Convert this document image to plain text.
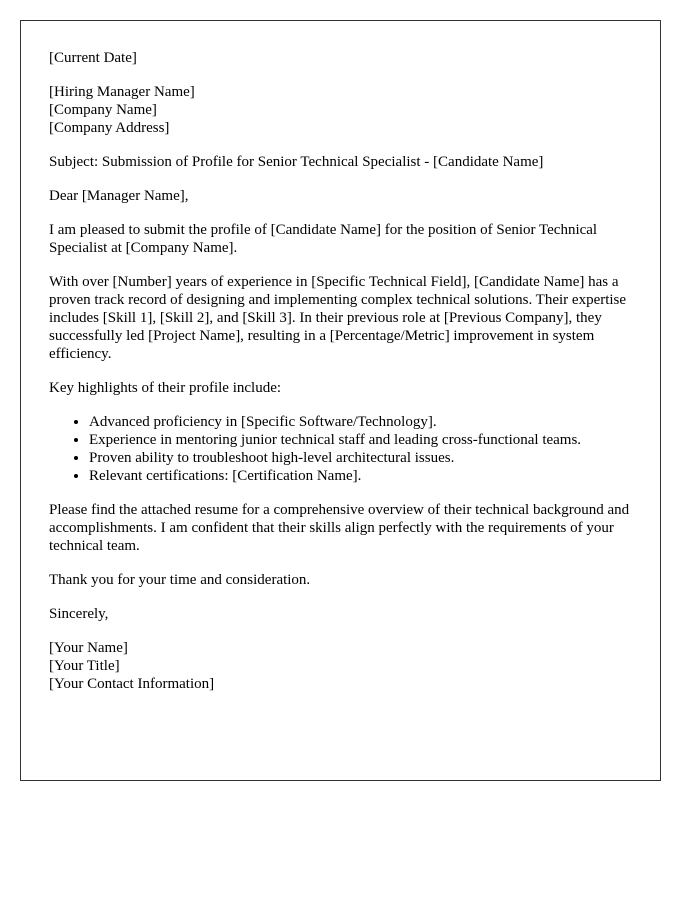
[Current Date]

[Hiring Manager Name]
[Company Name]
[Company Address]

Subject: Submission of Profile for Senior Technical Specialist - [Candidate Name]

Dear [Manager Name],

I am pleased to submit the profile of [Candidate Name] for the position of Senior Technical Specialist at [Company Name].

With over [Number] years of experience in [Specific Technical Field], [Candidate Name] has a proven track record of designing and implementing complex technical solutions. Their expertise includes [Skill 1], [Skill 2], and [Skill 3]. In their previous role at [Previous Company], they successfully led [Project Name], resulting in a [Percentage/Metric] improvement in system efficiency.

Key highlights of their profile include:

• Advanced proficiency in [Specific Software/Technology].
• Experience in mentoring junior technical staff and leading cross-functional teams.
• Proven ability to troubleshoot high-level architectural issues.
• Relevant certifications: [Certification Name].

Please find the attached resume for a comprehensive overview of their technical background and accomplishments. I am confident that their skills align perfectly with the requirements of your technical team.

Thank you for your time and consideration.

Sincerely,

[Your Name]
[Your Title]
[Your Contact Information]
